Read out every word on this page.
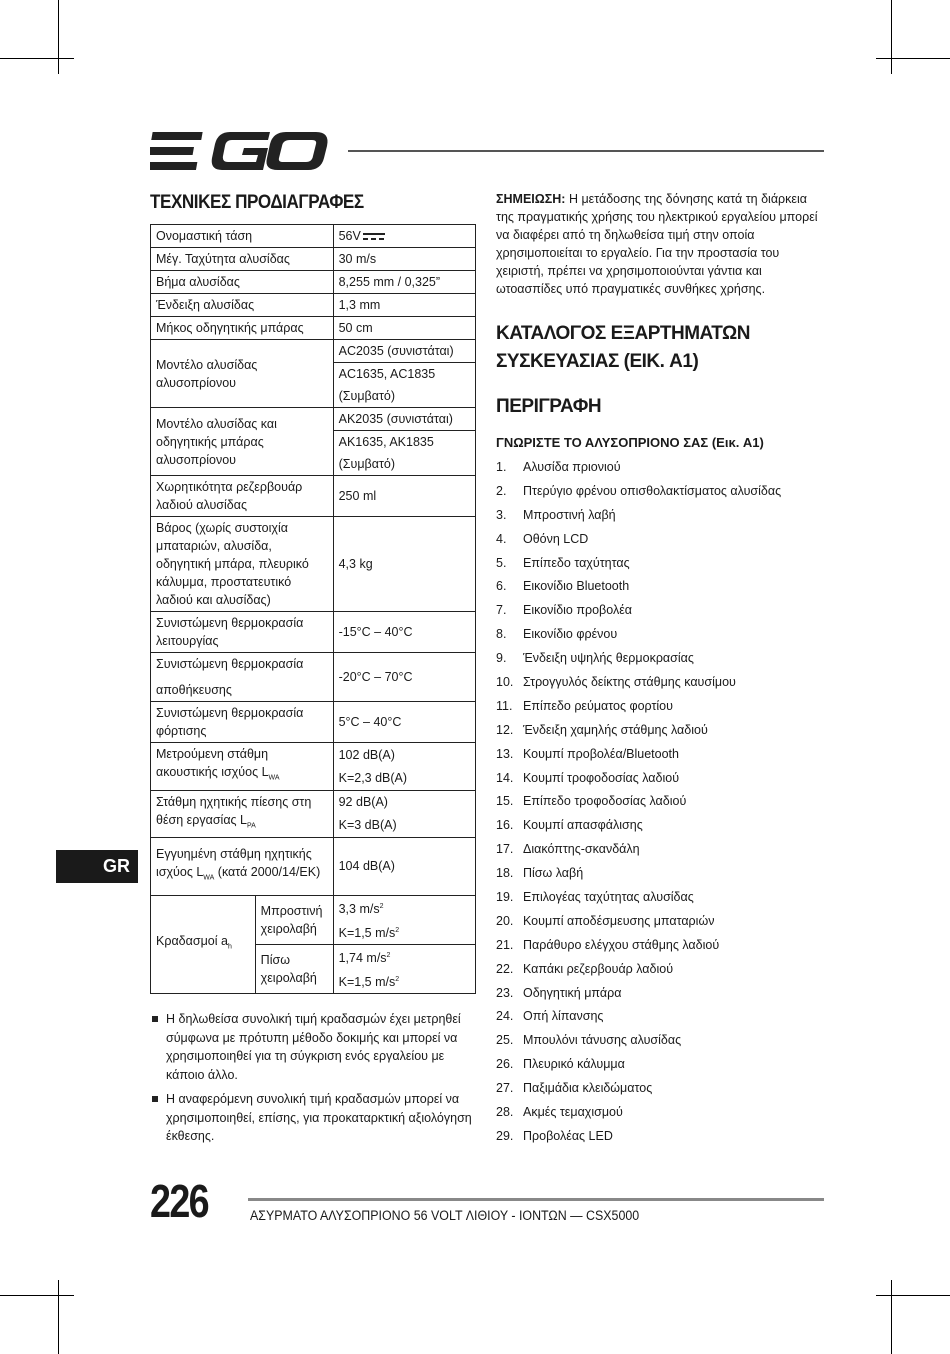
ΤΕΧΝΙΚΕΣ ΠΡΟΔΙΑΓΡΑΦΕΣ
Ονομαστική τάση		56V
Μέγ. Ταχύτητα αλυσίδας		30 m/s
Βήμα αλυσίδας		8,255 mm / 0,325”
Ένδειξη αλυσίδας		1,3 mm
Μήκος οδηγητικής μπάρας		50 cm
Μοντέλο αλυσίδας αλυσοπρίονου		AC2035 (συνιστάται)
		AC1635, AC1835
		(Συμβατό)
Μοντέλο αλυσίδας και οδηγητικής μπάρας αλυσοπρίονου		AK2035 (συνιστάται)
		AK1635, AK1835
		(Συμβατό)
Χωρητικότητα ρεζερβουάρ λαδιού αλυσίδας		250 ml
Βάρος (χωρίς συστοιχία μπαταριών, αλυσίδα, οδηγητική μπάρα, πλευρικό κάλυμμα, προστατευτικό λαδιού και αλυσίδας)		4,3 kg
Συνιστώμενη θερμοκρασία λειτουργίας		-15°C – 40°C

Συνιστώμενη θερμοκρασία
αποθήκευσης		-20°C – 70°C
Συνιστώμενη θερμοκρασία φόρτισης		5°C – 40°C
Μετρούμενη στάθμη ακουστικής ισχύος $L_{WA}$		102 dB(A)
		K=2,3 dB(A)
Στάθμη ηχητικής πίεσης στη θέση εργασίας $L_{PA}$		92 dB(A)
		K=3 dB(A)
Εγγυημένη στάθμη ηχητικής ισχύος $L_{WA}$ (κατά 2000/14/ΕΚ)		104 dB(A)
Κραδασμοί $a_h$	Μπροστινή χειρολαβή	3,3 $m/s^2$
		K=1,5 $m/s^2$
	Πίσω χειρολαβή	1,74 $m/s^2$
		K=1,5 $m/s^2$
Η δηλωθείσα συνολική τιμή κραδασμών έχει μετρηθεί σύμφωνα με πρότυπη μέθοδο δοκιμής και μπορεί να χρησιμοποιηθεί για τη σύγκριση ενός εργαλείου με κάποιο άλλο.
Η αναφερόμενη συνολική τιμή κραδασμών μπορεί να χρησιμοποιηθεί, επίσης, για προκαταρκτική αξιολόγηση έκθεσης.

ΣΗΜΕΙΩΣΗ: Η μετάδοσης της δόνησης κατά τη διάρκεια της πραγματικής χρήσης του ηλεκτρικού εργαλείου μπορεί να διαφέρει από τη δηλωθείσα τιμή στην οποία χρησιμοποιείται το εργαλείο. Για την προστασία του χειριστή, πρέπει να χρησιμοποιούνται γάντια και ωτοασπίδες υπό πραγματικές συνθήκες χρήσης.

ΚΑΤΑΛΟΓΟΣ ΕΞΑΡΤΗΜΑΤΩΝ ΣΥΣΚΕΥΑΣΙΑΣ (ΕΙΚ. A1)
ΠΕΡΙΓΡΑΦΗ
ΓΝΩΡΙΣΤΕ ΤΟ ΑΛΥΣΟΠΡΙΟΝΟ ΣΑΣ (Εικ. A1)
1.	Αλυσίδα πριονιού
2.	Πτερύγιο φρένου οπισθολακτίσματος αλυσίδας
3.	Μπροστινή λαβή
4.	Οθόνη LCD
5.	Επίπεδο ταχύτητας
6.	Εικονίδιο Bluetooth
7.	Εικονίδιο προβολέα
8.	Εικονίδιο φρένου
9.	Ένδειξη υψηλής θερμοκρασίας
10. Στρογγυλός δείκτης στάθμης καυσίμου
11. Επίπεδο ρεύματος φορτίου
12. Ένδειξη χαμηλής στάθμης λαδιού
13. Κουμπί προβολέα/Bluetooth
14. Κουμπί τροφοδοσίας λαδιού
15. Επίπεδο τροφοδοσίας λαδιού
16. Κουμπί απασφάλισης
17. Διακόπτης-σκανδάλη
18. Πίσω λαβή
19. Επιλογέας ταχύτητας αλυσίδας
20. Κουμπί αποδέσμευσης μπαταριών
21. Παράθυρο ελέγχου στάθμης λαδιού
22. Καπάκι ρεζερβουάρ λαδιού
23. Οδηγητική μπάρα
24. Οπή λίπανσης
25. Μπουλόνι τάνυσης αλυσίδας
26. Πλευρικό κάλυμμα
27. Παξιμάδια κλειδώματος
28. Ακμές τεμαχισμού
29. Προβολέας LED
GR
226	ΑΣΥΡΜΑΤΟ ΑΛΥΣΟΠΡΙΟΝΟ 56 VOLT ΛΙΘΙΟΥ - ΙΟΝΤΩΝ — CSX5000
